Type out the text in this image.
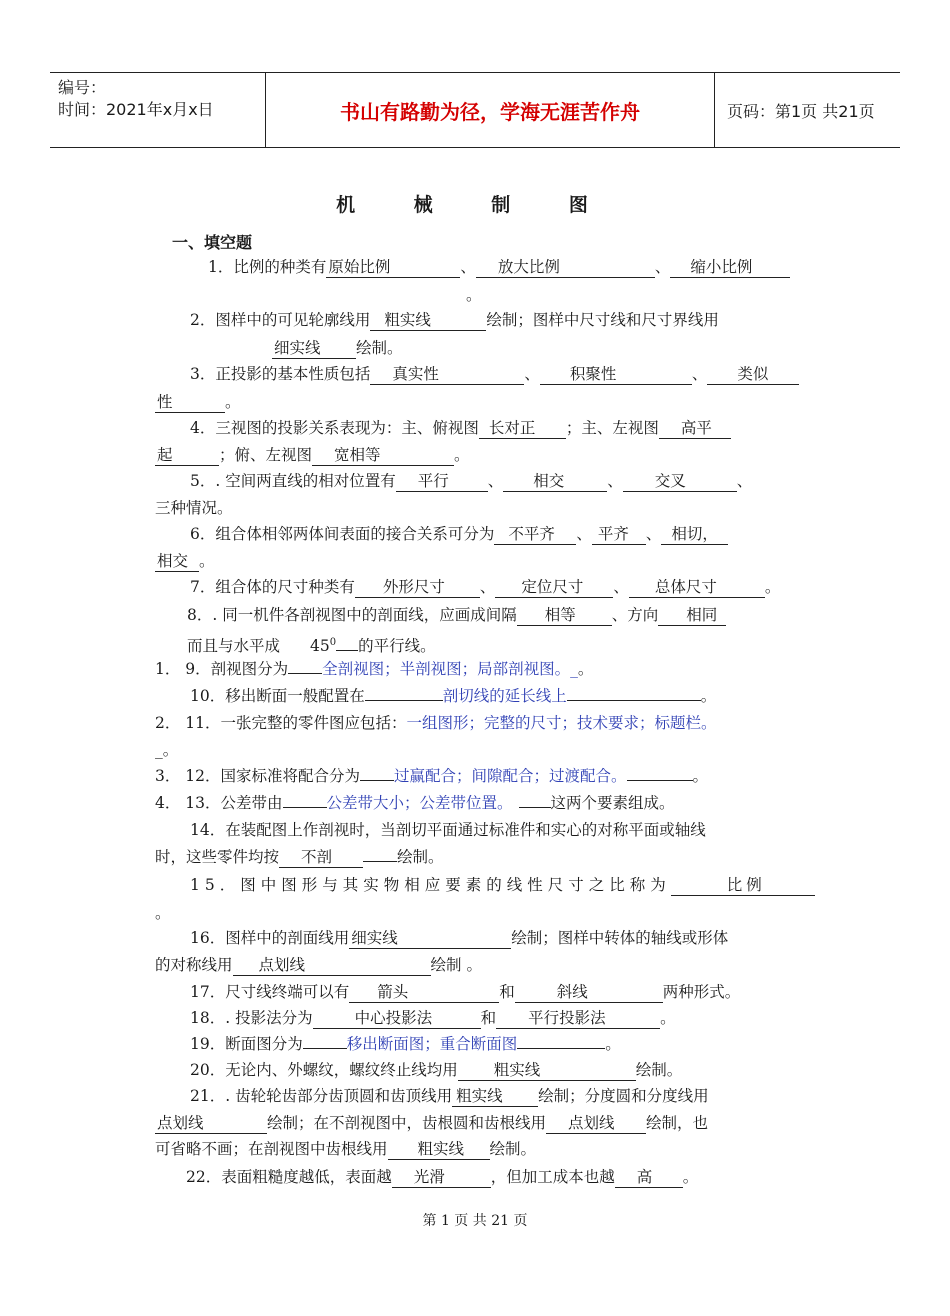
编号：
时间：2021年x月x日	书山有路勤为径，学海无涯苦作舟	页码：第1页 共21页
机 械 制 图
一、填空题
1．比例的种类有 原始比例	、 放大比例	、 缩小比例
。
2．图样中的可见轮廓线用 粗实线	绘制；图样中尺寸线和尺寸界线用
细实线 绘制。
3．正投影的基本性质包括 真实性	、 积聚性	、 类似
性	。
4．三视图的投影关系表现为：主、俯视图 长对正 ；主、左视图 高平
起	；俯、左视图 宽相等	。
5．. 空间两直线的相对位置有 平行	、 相交	、 交叉	、
三种情况。
6．组合体相邻两体间表面的接合关系可分为 不平齐 、 平齐 、 相切，
相交 。
7．组合体的尺寸种类有 外形尺寸 、 定位尺寸 、 总体尺寸	。
8．. 同一机件各剖视图中的剖面线，应画成间隔 相等 、方向 相同
而且与水平成 $45^0$ 的平行线。
1． 9．剖视图分为 全剖视图；半剖视图；局部剖视图。_。
10．移出断面一般配置在	剖切线的延长线上	。
2． 11．一张完整的零件图应包括：一组图形；完整的尺寸；技术要求；标题栏。
_。
3． 12．国家标准将配合分为 过赢配合；间隙配合；过渡配合。	。
4． 13．公差带由	公差带大小；公差带位置。 这两个要素组成。
14．在装配图上作剖视时，当剖切平面通过标准件和实心的对称平面或轴线
时，这些零件均按 不剖	绘制。
15．图中图形与其实物相应要素的线性尺寸之比称为	比例
。
16．图样中的剖面线用 细实线	绘制；图样中转体的轴线或形体
的对称线用 点划线	绘制 。
17．尺寸线终端可以有 箭头	和	斜线	两种形式。
18．. 投影法分为	中心投影法	和 平行投影法	。
19．断面图分为	移出断面图；重合断面图	。
20．无论内、外螺纹，螺纹终止线均用 粗实线	绘制。
21．. 齿轮轮齿部分齿顶圆和齿顶线用 粗实线 绘制；分度圆和分度线用
点划线	绘制；在不剖视图中，齿根圆和齿根线用 点划线 绘制，也
可省略不画；在剖视图中齿根线用 粗实线 绘制。
22．表面粗糙度越低，表面越 光滑	，但加工成本也越 高 。
第 1 页 共 21 页
